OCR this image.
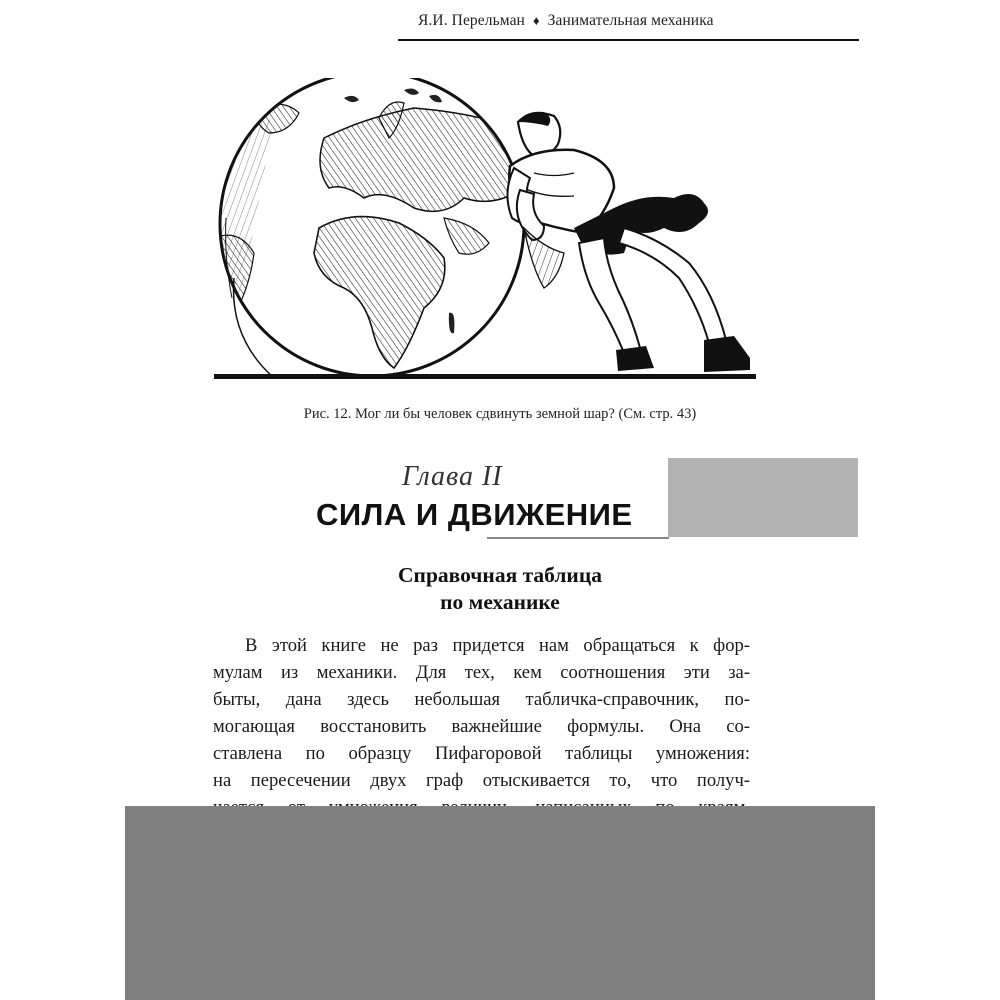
Я.И. Перельман ♦ Занимательная механика
Рис. 12. Мог ли бы человек сдвинуть земной шар? (См. стр. 43)
Глава II
СИЛА И ДВИЖЕНИЕ
Справочная таблица
по механике
В этой книге не раз придется нам обращаться к фор-
мулам из механики. Для тех, кем соотношения эти за-
быты, дана здесь небольшая табличка-справочник, по-
могающая восстановить важнейшие формулы. Она со-
ставлена по образцу Пифагоровой таблицы умножения:
на пересечении двух граф отыскивается то, что получ-
